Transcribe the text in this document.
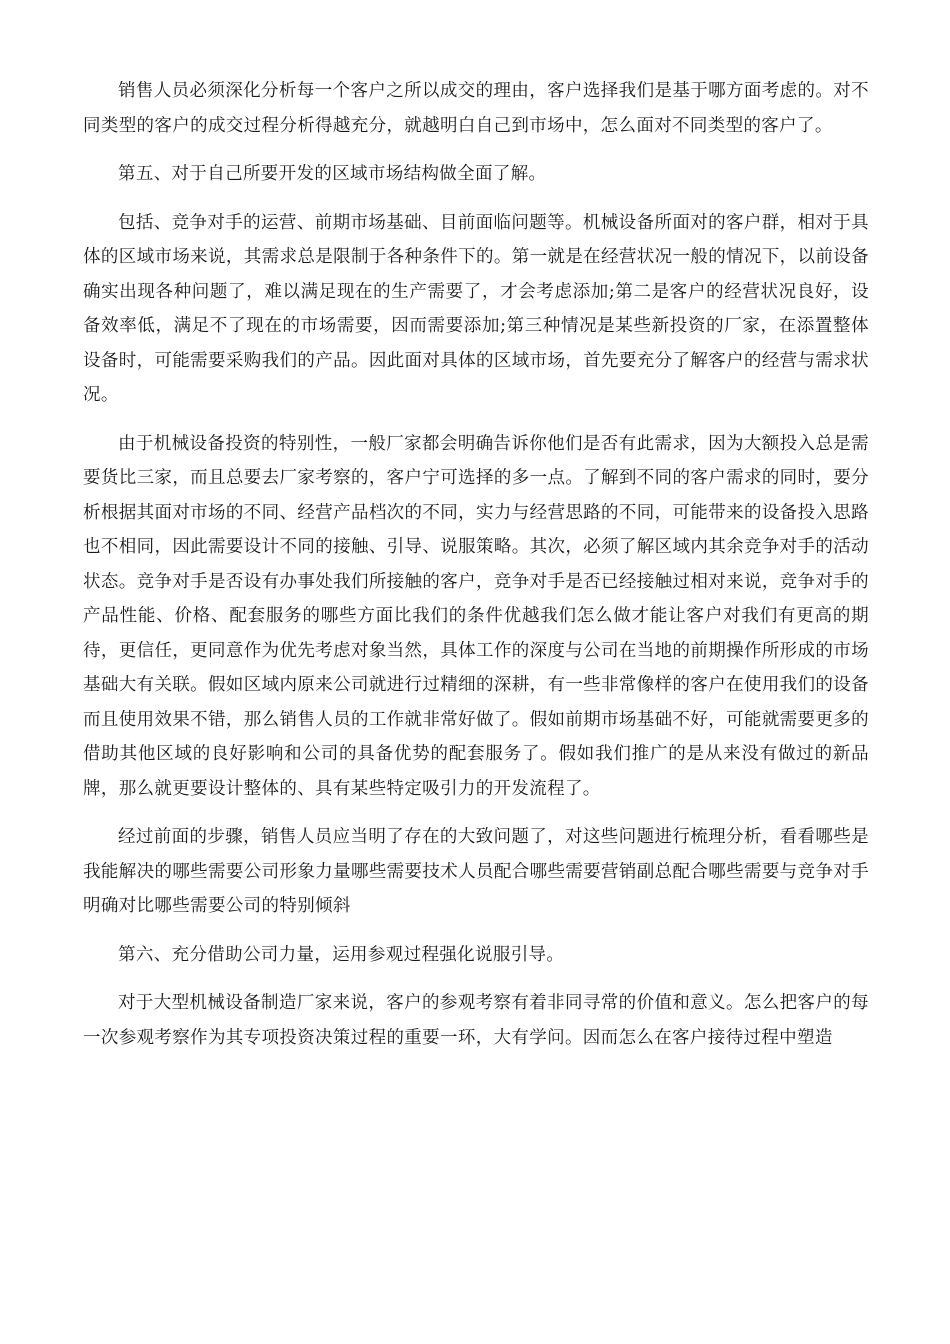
销售人员必须深化分析每一个客户之所以成交的理由，客户选择我们是基于哪方面考虑的。对不同类型的客户的成交过程分析得越充分，就越明白自己到市场中，怎么面对不同类型的客户了。

第五、对于自己所要开发的区域市场结构做全面了解。

包括、竞争对手的运营、前期市场基础、目前面临问题等。机械设备所面对的客户群，相对于具体的区域市场来说，其需求总是限制于各种条件下的。第一就是在经营状况一般的情况下，以前设备确实出现各种问题了，难以满足现在的生产需要了，才会考虑添加;第二是客户的经营状况良好，设备效率低，满足不了现在的市场需要，因而需要添加;第三种情况是某些新投资的厂家，在添置整体设备时，可能需要采购我们的产品。因此面对具体的区域市场，首先要充分了解客户的经营与需求状况。

由于机械设备投资的特别性，一般厂家都会明确告诉你他们是否有此需求，因为大额投入总是需要货比三家，而且总要去厂家考察的，客户宁可选择的多一点。了解到不同的客户需求的同时，要分析根据其面对市场的不同、经营产品档次的不同，实力与经营思路的不同，可能带来的设备投入思路也不相同，因此需要设计不同的接触、引导、说服策略。其次，必须了解区域内其余竞争对手的活动状态。竞争对手是否设有办事处我们所接触的客户，竞争对手是否已经接触过相对来说，竞争对手的产品性能、价格、配套服务的哪些方面比我们的条件优越我们怎么做才能让客户对我们有更高的期待，更信任，更同意作为优先考虑对象当然，具体工作的深度与公司在当地的前期操作所形成的市场基础大有关联。假如区域内原来公司就进行过精细的深耕，有一些非常像样的客户在使用我们的设备而且使用效果不错，那么销售人员的工作就非常好做了。假如前期市场基础不好，可能就需要更多的借助其他区域的良好影响和公司的具备优势的配套服务了。假如我们推广的是从来没有做过的新品牌，那么就更要设计整体的、具有某些特定吸引力的开发流程了。

经过前面的步骤，销售人员应当明了存在的大致问题了，对这些问题进行梳理分析，看看哪些是我能解决的哪些需要公司形象力量哪些需要技术人员配合哪些需要营销副总配合哪些需要与竞争对手明确对比哪些需要公司的特别倾斜

第六、充分借助公司力量，运用参观过程强化说服引导。

对于大型机械设备制造厂家来说，客户的参观考察有着非同寻常的价值和意义。怎么把客户的每一次参观考察作为其专项投资决策过程的重要一环，大有学问。因而怎么在客户接待过程中塑造
